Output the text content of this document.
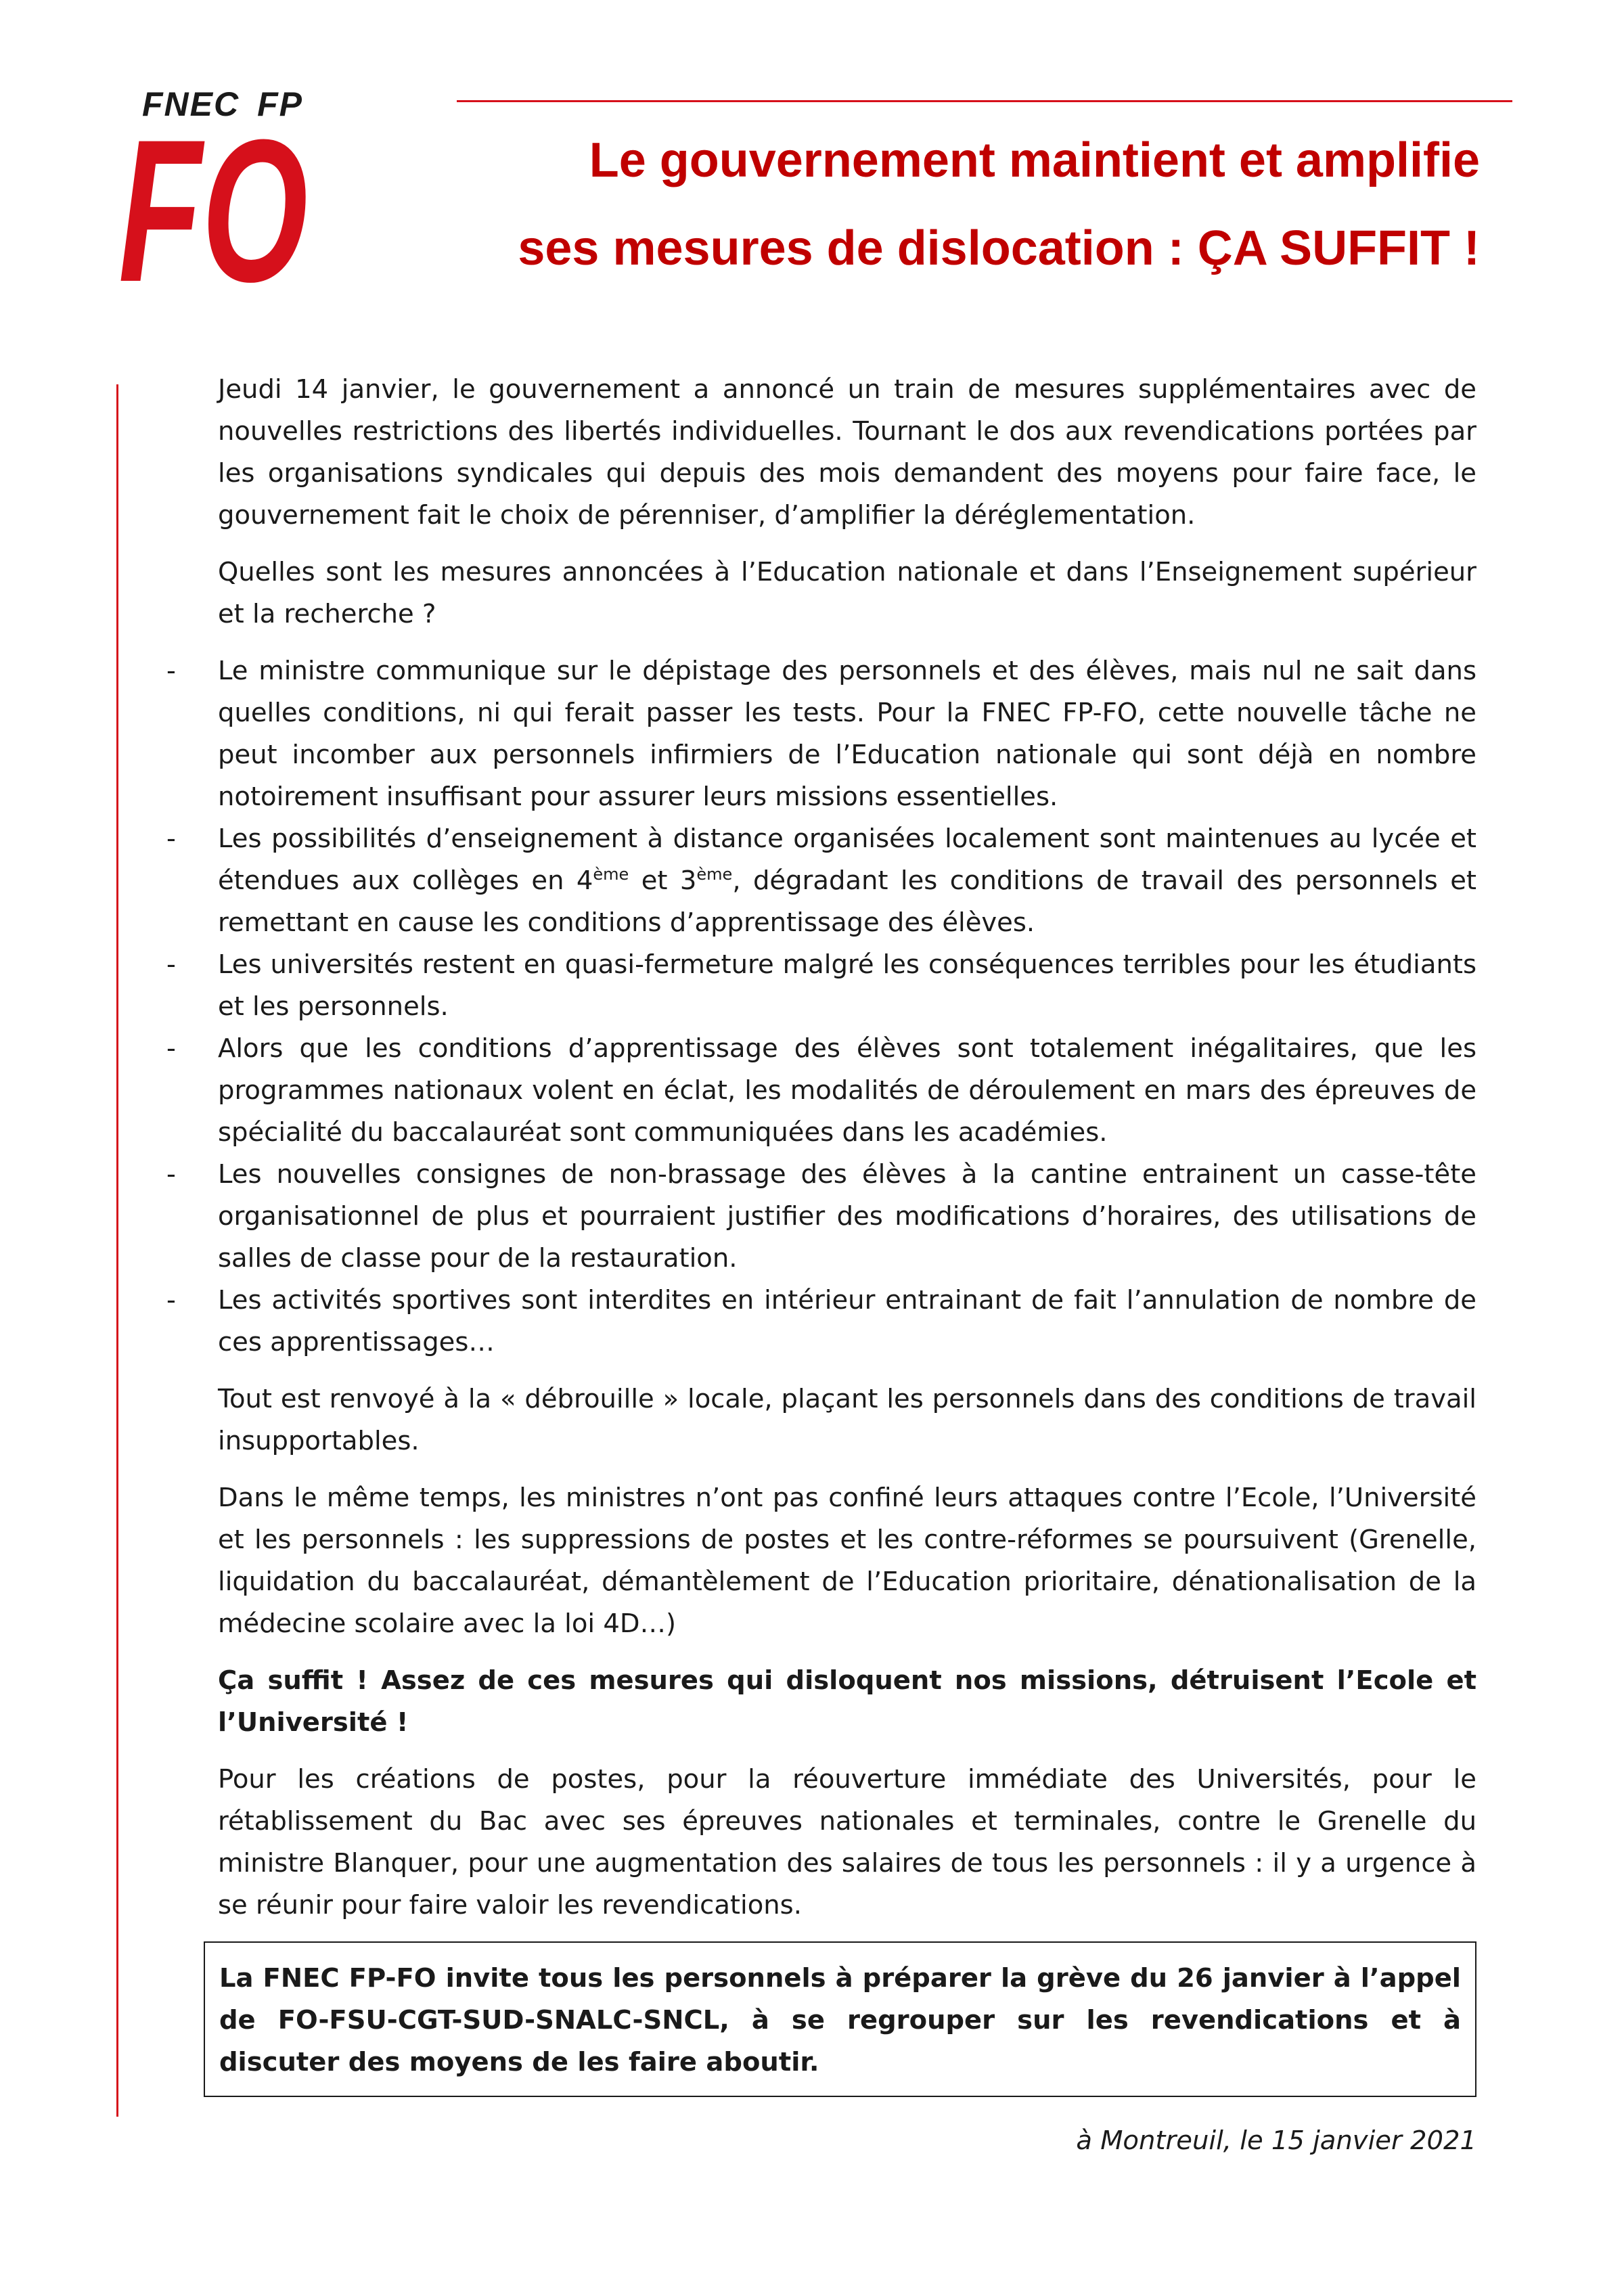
FNEC FP
FO	Le gouvernement maintient et amplifie
ses mesures de dislocation : ÇA SUFFIT !

Jeudi 14 janvier, le gouvernement a annoncé un train de mesures supplémentaires avec de nouvelles restrictions des libertés individuelles. Tournant le dos aux revendications portées par les organisations syndicales qui depuis des mois demandent des moyens pour faire face, le gouvernement fait le choix de pérenniser, d’amplifier la déréglementation.

Quelles sont les mesures annoncées à l’Education nationale et dans l’Enseignement supérieur et la recherche ?

- Le ministre communique sur le dépistage des personnels et des élèves, mais nul ne sait dans quelles conditions, ni qui ferait passer les tests. Pour la FNEC FP-FO, cette nouvelle tâche ne peut incomber aux personnels infirmiers de l’Education nationale qui sont déjà en nombre notoirement insuffisant pour assurer leurs missions essentielles.
- Les possibilités d’enseignement à distance organisées localement sont maintenues au lycée et étendues aux collèges en 4ème et 3ème, dégradant les conditions de travail des personnels et remettant en cause les conditions d’apprentissage des élèves.
- Les universités restent en quasi-fermeture malgré les conséquences terribles pour les étudiants et les personnels.
- Alors que les conditions d’apprentissage des élèves sont totalement inégalitaires, que les programmes nationaux volent en éclat, les modalités de déroulement en mars des épreuves de spécialité du baccalauréat sont communiquées dans les académies.
- Les nouvelles consignes de non-brassage des élèves à la cantine entrainent un casse-tête organisationnel de plus et pourraient justifier des modifications d’horaires, des utilisations de salles de classe pour de la restauration.
- Les activités sportives sont interdites en intérieur entrainant de fait l’annulation de nombre de ces apprentissages…

Tout est renvoyé à la « débrouille » locale, plaçant les personnels dans des conditions de travail insupportables.

Dans le même temps, les ministres n’ont pas confiné leurs attaques contre l’Ecole, l’Université et les personnels : les suppressions de postes et les contre-réformes se poursuivent (Grenelle, liquidation du baccalauréat, démantèlement de l’Education prioritaire, dénationalisation de la médecine scolaire avec la loi 4D…)

Ça suffit ! Assez de ces mesures qui disloquent nos missions, détruisent l’Ecole et l’Université !

Pour les créations de postes, pour la réouverture immédiate des Universités, pour le rétablissement du Bac avec ses épreuves nationales et terminales, contre le Grenelle du ministre Blanquer, pour une augmentation des salaires de tous les personnels : il y a urgence à se réunir pour faire valoir les revendications.

La FNEC FP-FO invite tous les personnels à préparer la grève du 26 janvier à l’appel de FO-FSU-CGT-SUD-SNALC-SNCL, à se regrouper sur les revendications et à discuter des moyens de les faire aboutir.
à Montreuil, le 15 janvier 2021
